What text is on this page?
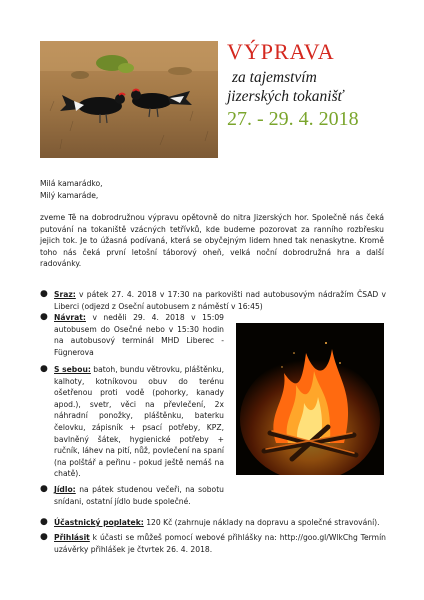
VÝPRAVA
za tajemstvím
jizerských tokanišť
27. - 29. 4. 2018
Milá kamarádko,
Milý kamaráde,

zveme Tě na dobrodružnou výpravu opětovně do nitra Jizerských hor. Společně nás čeká putování na tokaniště vzácných tetřívků, kde budeme pozorovat za ranního rozbřesku jejich tok. Je to úžasná podívaná, která se obyčejným lidem hned tak nenaskytne. Kromě toho nás čeká první letošní táborový oheň, velká noční dobrodružná hra a další radovánky.

● Sraz: v pátek 27. 4. 2018 v 17:30 na parkovišti nad autobusovým nádražím ČSAD v Liberci (odjezd z Oseční autobusem z náměstí v 16:45)
● Návrat: v neděli 29. 4. 2018 v 15:09 autobusem do Osečné nebo v 15:30 hodin na autobusový terminál MHD Liberec - Fügnerova
● S sebou: batoh, bundu větrovku, pláštěnku, kalhoty, kotníkovou obuv do terénu ošetřenou proti vodě (pohorky, kanady apod.), svetr, věci na převlečení, 2x náhradní ponožky, pláštěnku, baterku čelovku, zápisník + psací potřeby, KPZ, bavlněný šátek, hygienické potřeby + ručník, láhev na pití, nůž, povlečení na spaní (na polštář a peřinu - pokud ještě nemáš na chatě).
● Jídlo: na pátek studenou večeři, na sobotu snídani, ostatní jídlo bude společné.
● Účastnický poplatek: 120 Kč (zahrnuje náklady na dopravu a společné stravování).
● Přihlásit k účasti se můžeš pomocí webové přihlášky na: http://goo.gl/WlkChg Termín uzávěrky přihlášek je čtvrtek 26. 4. 2018.
